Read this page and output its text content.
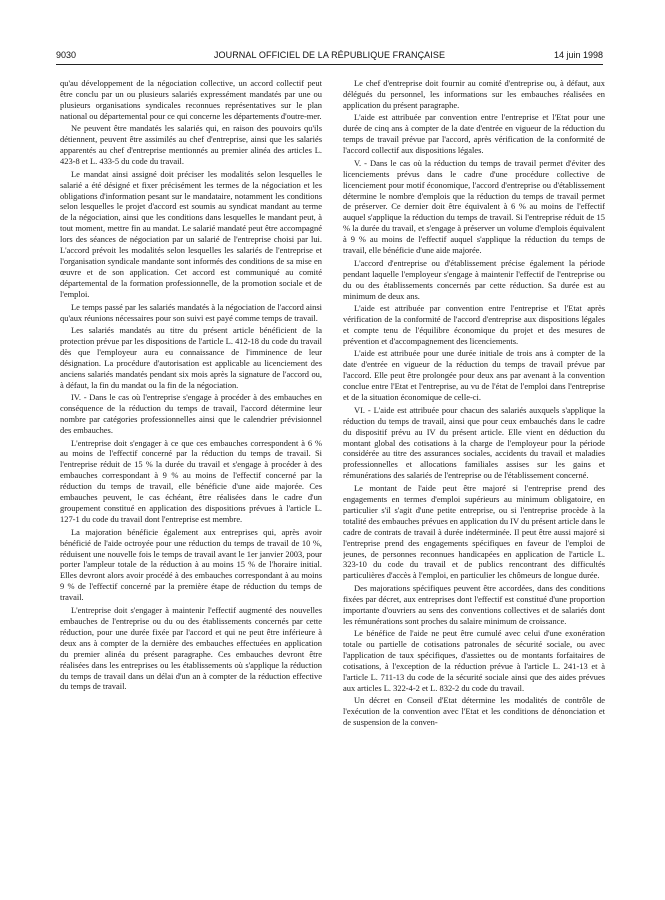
9030	JOURNAL OFFICIEL DE LA RÉPUBLIQUE FRANÇAISE	14 juin 1998

qu'au développement de la négociation collective, un accord collectif peut être conclu par un ou plusieurs salariés expressément mandatés par une ou plusieurs organisations syndicales reconnues représentatives sur le plan national ou départemental pour ce qui concerne les départements d'outre-mer.

Ne peuvent être mandatés les salariés qui, en raison des pouvoirs qu'ils détiennent, peuvent être assimilés au chef d'entreprise, ainsi que les salariés apparentés au chef d'entreprise mentionnés au premier alinéa des articles L. 423-8 et L. 433-5 du code du travail.

Le mandat ainsi assigné doit préciser les modalités selon lesquelles le salarié a été désigné et fixer précisément les termes de la négociation et les obligations d'information pesant sur le mandataire, notamment les conditions selon lesquelles le projet d'accord est soumis au syndicat mandant au terme de la négociation, ainsi que les conditions dans lesquelles le mandant peut, à tout moment, mettre fin au mandat. Le salarié mandaté peut être accompagné lors des séances de négociation par un salarié de l'entreprise choisi par lui. L'accord prévoit les modalités selon lesquelles les salariés de l'entreprise et l'organisation syndicale mandante sont informés des conditions de sa mise en œuvre et de son application. Cet accord est communiqué au comité départemental de la formation professionnelle, de la promotion sociale et de l'emploi.

Le temps passé par les salariés mandatés à la négociation de l'accord ainsi qu'aux réunions nécessaires pour son suivi est payé comme temps de travail.

Les salariés mandatés au titre du présent article bénéficient de la protection prévue par les dispositions de l'article L. 412-18 du code du travail dès que l'employeur aura eu connaissance de l'imminence de leur désignation. La procédure d'autorisation est applicable au licenciement des anciens salariés mandatés pendant six mois après la signature de l'accord ou, à défaut, la fin du mandat ou la fin de la négociation.

IV. - Dans le cas où l'entreprise s'engage à procéder à des embauches en conséquence de la réduction du temps de travail, l'accord détermine leur nombre par catégories professionnelles ainsi que le calendrier prévisionnel des embauches.

L'entreprise doit s'engager à ce que ces embauches correspondent à 6 % au moins de l'effectif concerné par la réduction du temps de travail. Si l'entreprise réduit de 15 % la durée du travail et s'engage à procéder à des embauches correspondant à 9 % au moins de l'effectif concerné par la réduction du temps de travail, elle bénéficie d'une aide majorée. Ces embauches peuvent, le cas échéant, être réalisées dans le cadre d'un groupement constitué en application des dispositions prévues à l'article L. 127-1 du code du travail dont l'entreprise est membre.

La majoration bénéficie également aux entreprises qui, après avoir bénéficié de l'aide octroyée pour une réduction du temps de travail de 10 %, réduisent une nouvelle fois le temps de travail avant le 1er janvier 2003, pour porter l'ampleur totale de la réduction à au moins 15 % de l'horaire initial. Elles devront alors avoir procédé à des embauches correspondant à au moins 9 % de l'effectif concerné par la première étape de réduction du temps de travail.

L'entreprise doit s'engager à maintenir l'effectif augmenté des nouvelles embauches de l'entreprise ou du ou des établissements concernés par cette réduction, pour une durée fixée par l'accord et qui ne peut être inférieure à deux ans à compter de la dernière des embauches effectuées en application du premier alinéa du présent paragraphe. Ces embauches devront être réalisées dans les entreprises ou les établissements où s'applique la réduction du temps de travail dans un délai d'un an à compter de la réduction effective du temps de travail.

Le chef d'entreprise doit fournir au comité d'entreprise ou, à défaut, aux délégués du personnel, les informations sur les embauches réalisées en application du présent paragraphe.

L'aide est attribuée par convention entre l'entreprise et l'Etat pour une durée de cinq ans à compter de la date d'entrée en vigueur de la réduction du temps de travail prévue par l'accord, après vérification de la conformité de l'accord collectif aux dispositions légales.

V. - Dans le cas où la réduction du temps de travail permet d'éviter des licenciements prévus dans le cadre d'une procédure collective de licenciement pour motif économique, l'accord d'entreprise ou d'établissement détermine le nombre d'emplois que la réduction du temps de travail permet de préserver. Ce dernier doit être équivalent à 6 % au moins de l'effectif auquel s'applique la réduction du temps de travail. Si l'entreprise réduit de 15 % la durée du travail, et s'engage à préserver un volume d'emplois équivalent à 9 % au moins de l'effectif auquel s'applique la réduction du temps de travail, elle bénéficie d'une aide majorée.

L'accord d'entreprise ou d'établissement précise également la période pendant laquelle l'employeur s'engage à maintenir l'effectif de l'entreprise ou du ou des établissements concernés par cette réduction. Sa durée est au minimum de deux ans.

L'aide est attribuée par convention entre l'entreprise et l'Etat après vérification de la conformité de l'accord d'entreprise aux dispositions légales et compte tenu de l'équilibre économique du projet et des mesures de prévention et d'accompagnement des licenciements.

L'aide est attribuée pour une durée initiale de trois ans à compter de la date d'entrée en vigueur de la réduction du temps de travail prévue par l'accord. Elle peut être prolongée pour deux ans par avenant à la convention conclue entre l'Etat et l'entreprise, au vu de l'état de l'emploi dans l'entreprise et de la situation économique de celle-ci.

VI. - L'aide est attribuée pour chacun des salariés auxquels s'applique la réduction du temps de travail, ainsi que pour ceux embauchés dans le cadre du dispositif prévu au IV du présent article. Elle vient en déduction du montant global des cotisations à la charge de l'employeur pour la période considérée au titre des assurances sociales, accidents du travail et maladies professionnelles et allocations familiales assises sur les gains et rémunérations des salariés de l'entreprise ou de l'établissement concerné.

Le montant de l'aide peut être majoré si l'entreprise prend des engagements en termes d'emploi supérieurs au minimum obligatoire, en particulier s'il s'agit d'une petite entreprise, ou si l'entreprise procède à la totalité des embauches prévues en application du IV du présent article dans le cadre de contrats de travail à durée indéterminée. Il peut être aussi majoré si l'entreprise prend des engagements spécifiques en faveur de l'emploi de jeunes, de personnes reconnues handicapées en application de l'article L. 323-10 du code du travail et de publics rencontrant des difficultés particulières d'accès à l'emploi, en particulier les chômeurs de longue durée.

Des majorations spécifiques peuvent être accordées, dans des conditions fixées par décret, aux entreprises dont l'effectif est constitué d'une proportion importante d'ouvriers au sens des conventions collectives et de salariés dont les rémunérations sont proches du salaire minimum de croissance.

Le bénéfice de l'aide ne peut être cumulé avec celui d'une exonération totale ou partielle de cotisations patronales de sécurité sociale, ou avec l'application de taux spécifiques, d'assiettes ou de montants forfaitaires de cotisations, à l'exception de la réduction prévue à l'article L. 241-13 et à l'article L. 711-13 du code de la sécurité sociale ainsi que des aides prévues aux articles L. 322-4-2 et L. 832-2 du code du travail.

Un décret en Conseil d'Etat détermine les modalités de contrôle de l'exécution de la convention avec l'Etat et les conditions de dénonciation et de suspension de la conven-
